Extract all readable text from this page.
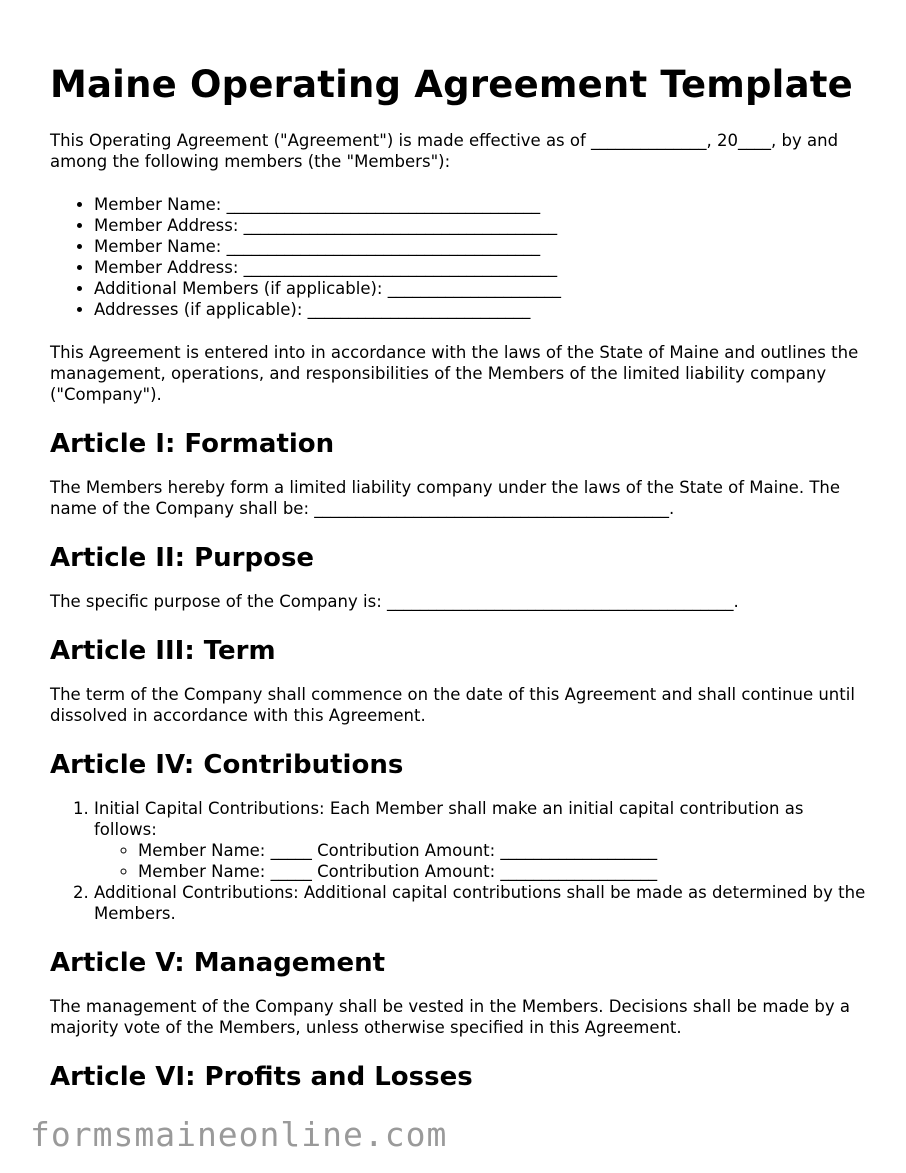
Maine Operating Agreement Template

This Operating Agreement ("Agreement") is made effective as of ______________, 20____, by and among the following members (the "Members"):

• Member Name: ______________________________________
• Member Address: ______________________________________
• Member Name: ______________________________________
• Member Address: ______________________________________
• Additional Members (if applicable): _____________________
• Addresses (if applicable): ___________________________

This Agreement is entered into in accordance with the laws of the State of Maine and outlines the management, operations, and responsibilities of the Members of the limited liability company ("Company").

Article I: Formation

The Members hereby form a limited liability company under the laws of the State of Maine. The name of the Company shall be: ___________________________________________.

Article II: Purpose

The specific purpose of the Company is: __________________________________________.

Article III: Term

The term of the Company shall commence on the date of this Agreement and shall continue until dissolved in accordance with this Agreement.

Article IV: Contributions
1. Initial Capital Contributions: Each Member shall make an initial capital contribution as follows:
◦ Member Name: _____ Contribution Amount: ___________________
◦ Member Name: _____ Contribution Amount: ___________________
2. Additional Contributions: Additional capital contributions shall be made as determined by the Members.
Article V: Management

The management of the Company shall be vested in the Members. Decisions shall be made by a majority vote of the Members, unless otherwise specified in this Agreement.

Article VI: Profits and Losses
formsmaineonline.com
